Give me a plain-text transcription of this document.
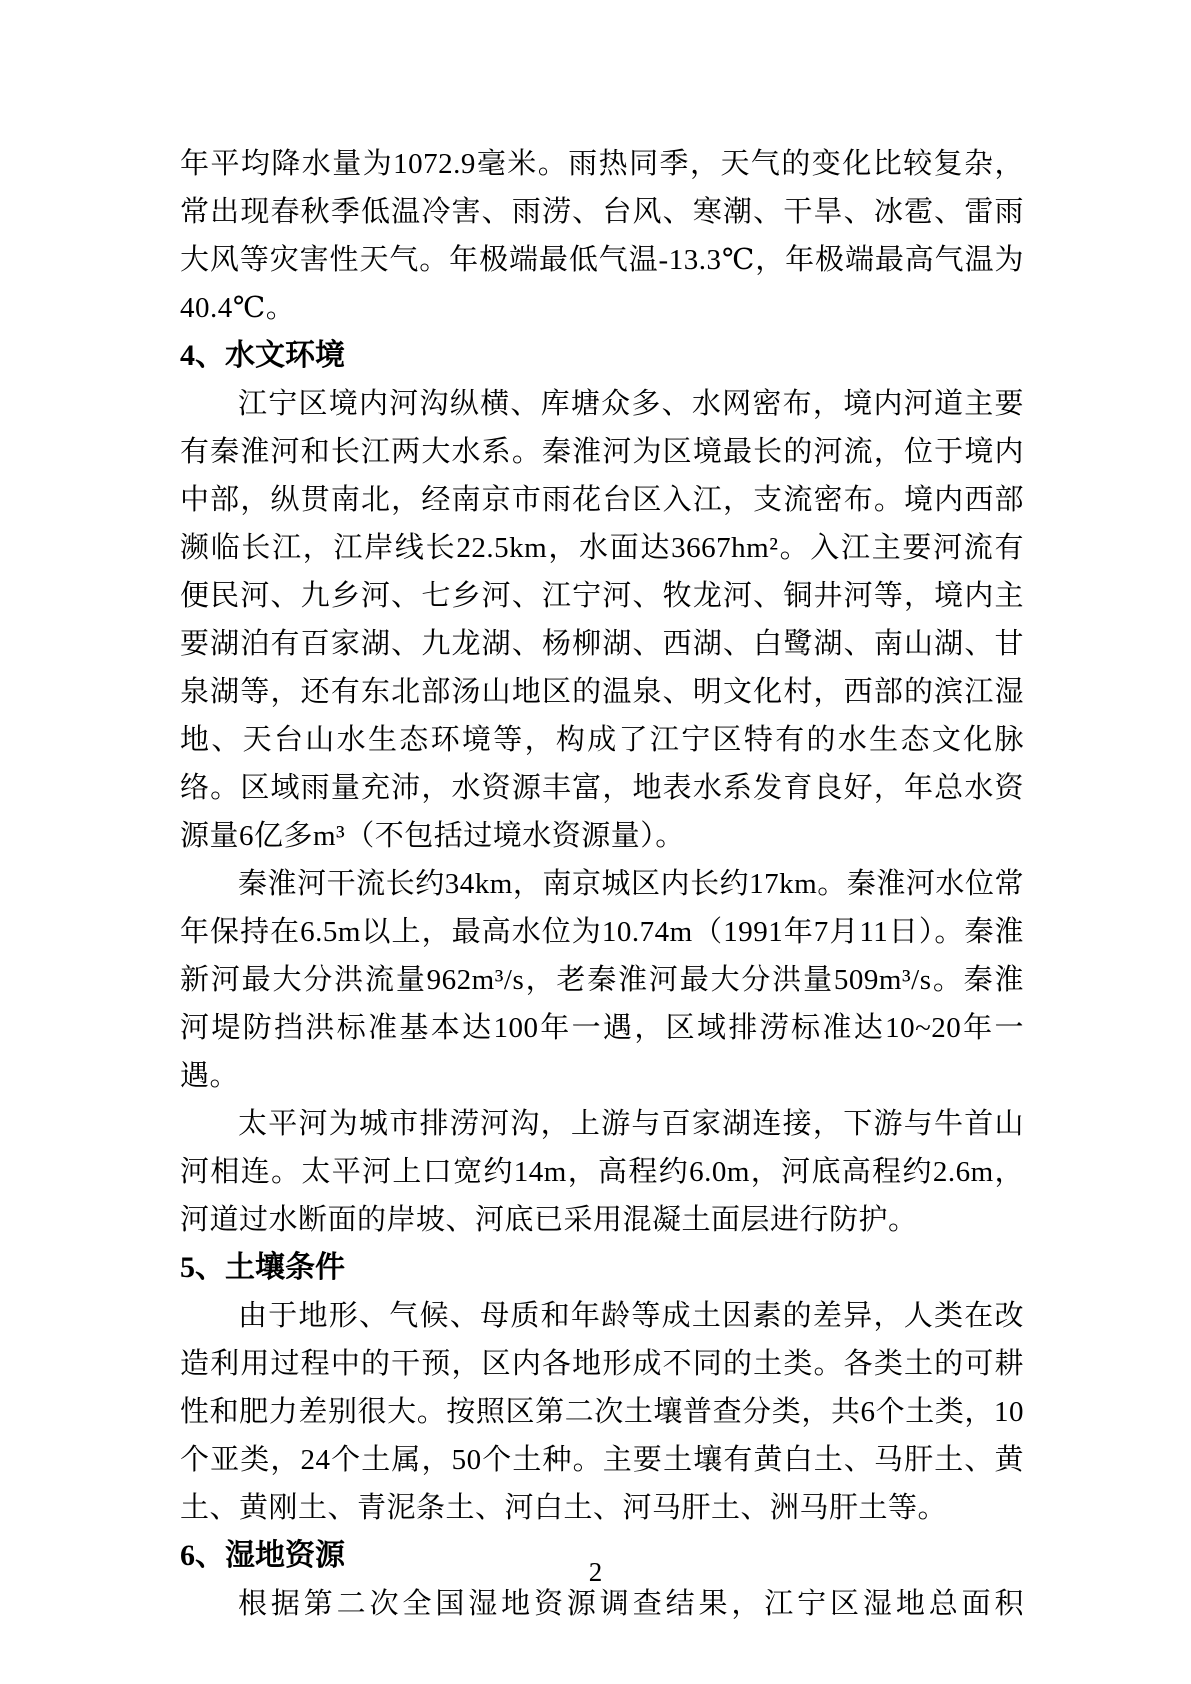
年平均降水量为1072.9毫米。雨热同季，天气的变化比较复杂，常出现春秋季低温冷害、雨涝、台风、寒潮、干旱、冰雹、雷雨大风等灾害性天气。年极端最低气温-13.3℃，年极端最高气温为40.4℃。

4、水文环境

江宁区境内河沟纵横、库塘众多、水网密布，境内河道主要有秦淮河和长江两大水系。秦淮河为区境最长的河流，位于境内中部，纵贯南北，经南京市雨花台区入江，支流密布。境内西部濒临长江，江岸线长22.5km，水面达3667hm²。入江主要河流有便民河、九乡河、七乡河、江宁河、牧龙河、铜井河等，境内主要湖泊有百家湖、九龙湖、杨柳湖、西湖、白鹭湖、南山湖、甘泉湖等，还有东北部汤山地区的温泉、明文化村，西部的滨江湿地、天台山水生态环境等，构成了江宁区特有的水生态文化脉络。区域雨量充沛，水资源丰富，地表水系发育良好，年总水资源量6亿多m³（不包括过境水资源量）。

秦淮河干流长约34km，南京城区内长约17km。秦淮河水位常年保持在6.5m以上，最高水位为10.74m（1991年7月11日）。秦淮新河最大分洪流量962m³/s，老秦淮河最大分洪量509m³/s。秦淮河堤防挡洪标准基本达100年一遇，区域排涝标准达10~20年一遇。

太平河为城市排涝河沟，上游与百家湖连接，下游与牛首山河相连。太平河上口宽约14m，高程约6.0m，河底高程约2.6m，河道过水断面的岸坡、河底已采用混凝土面层进行防护。

5、土壤条件

由于地形、气候、母质和年龄等成土因素的差异，人类在改造利用过程中的干预，区内各地形成不同的土类。各类土的可耕性和肥力差别很大。按照区第二次土壤普查分类，共6个土类，10个亚类，24个土属，50个土种。主要土壤有黄白土、马肝土、黄土、黄刚土、青泥条土、河白土、河马肝土、洲马肝土等。

6、湿地资源

根据第二次全国湿地资源调查结果，江宁区湿地总面积

2
